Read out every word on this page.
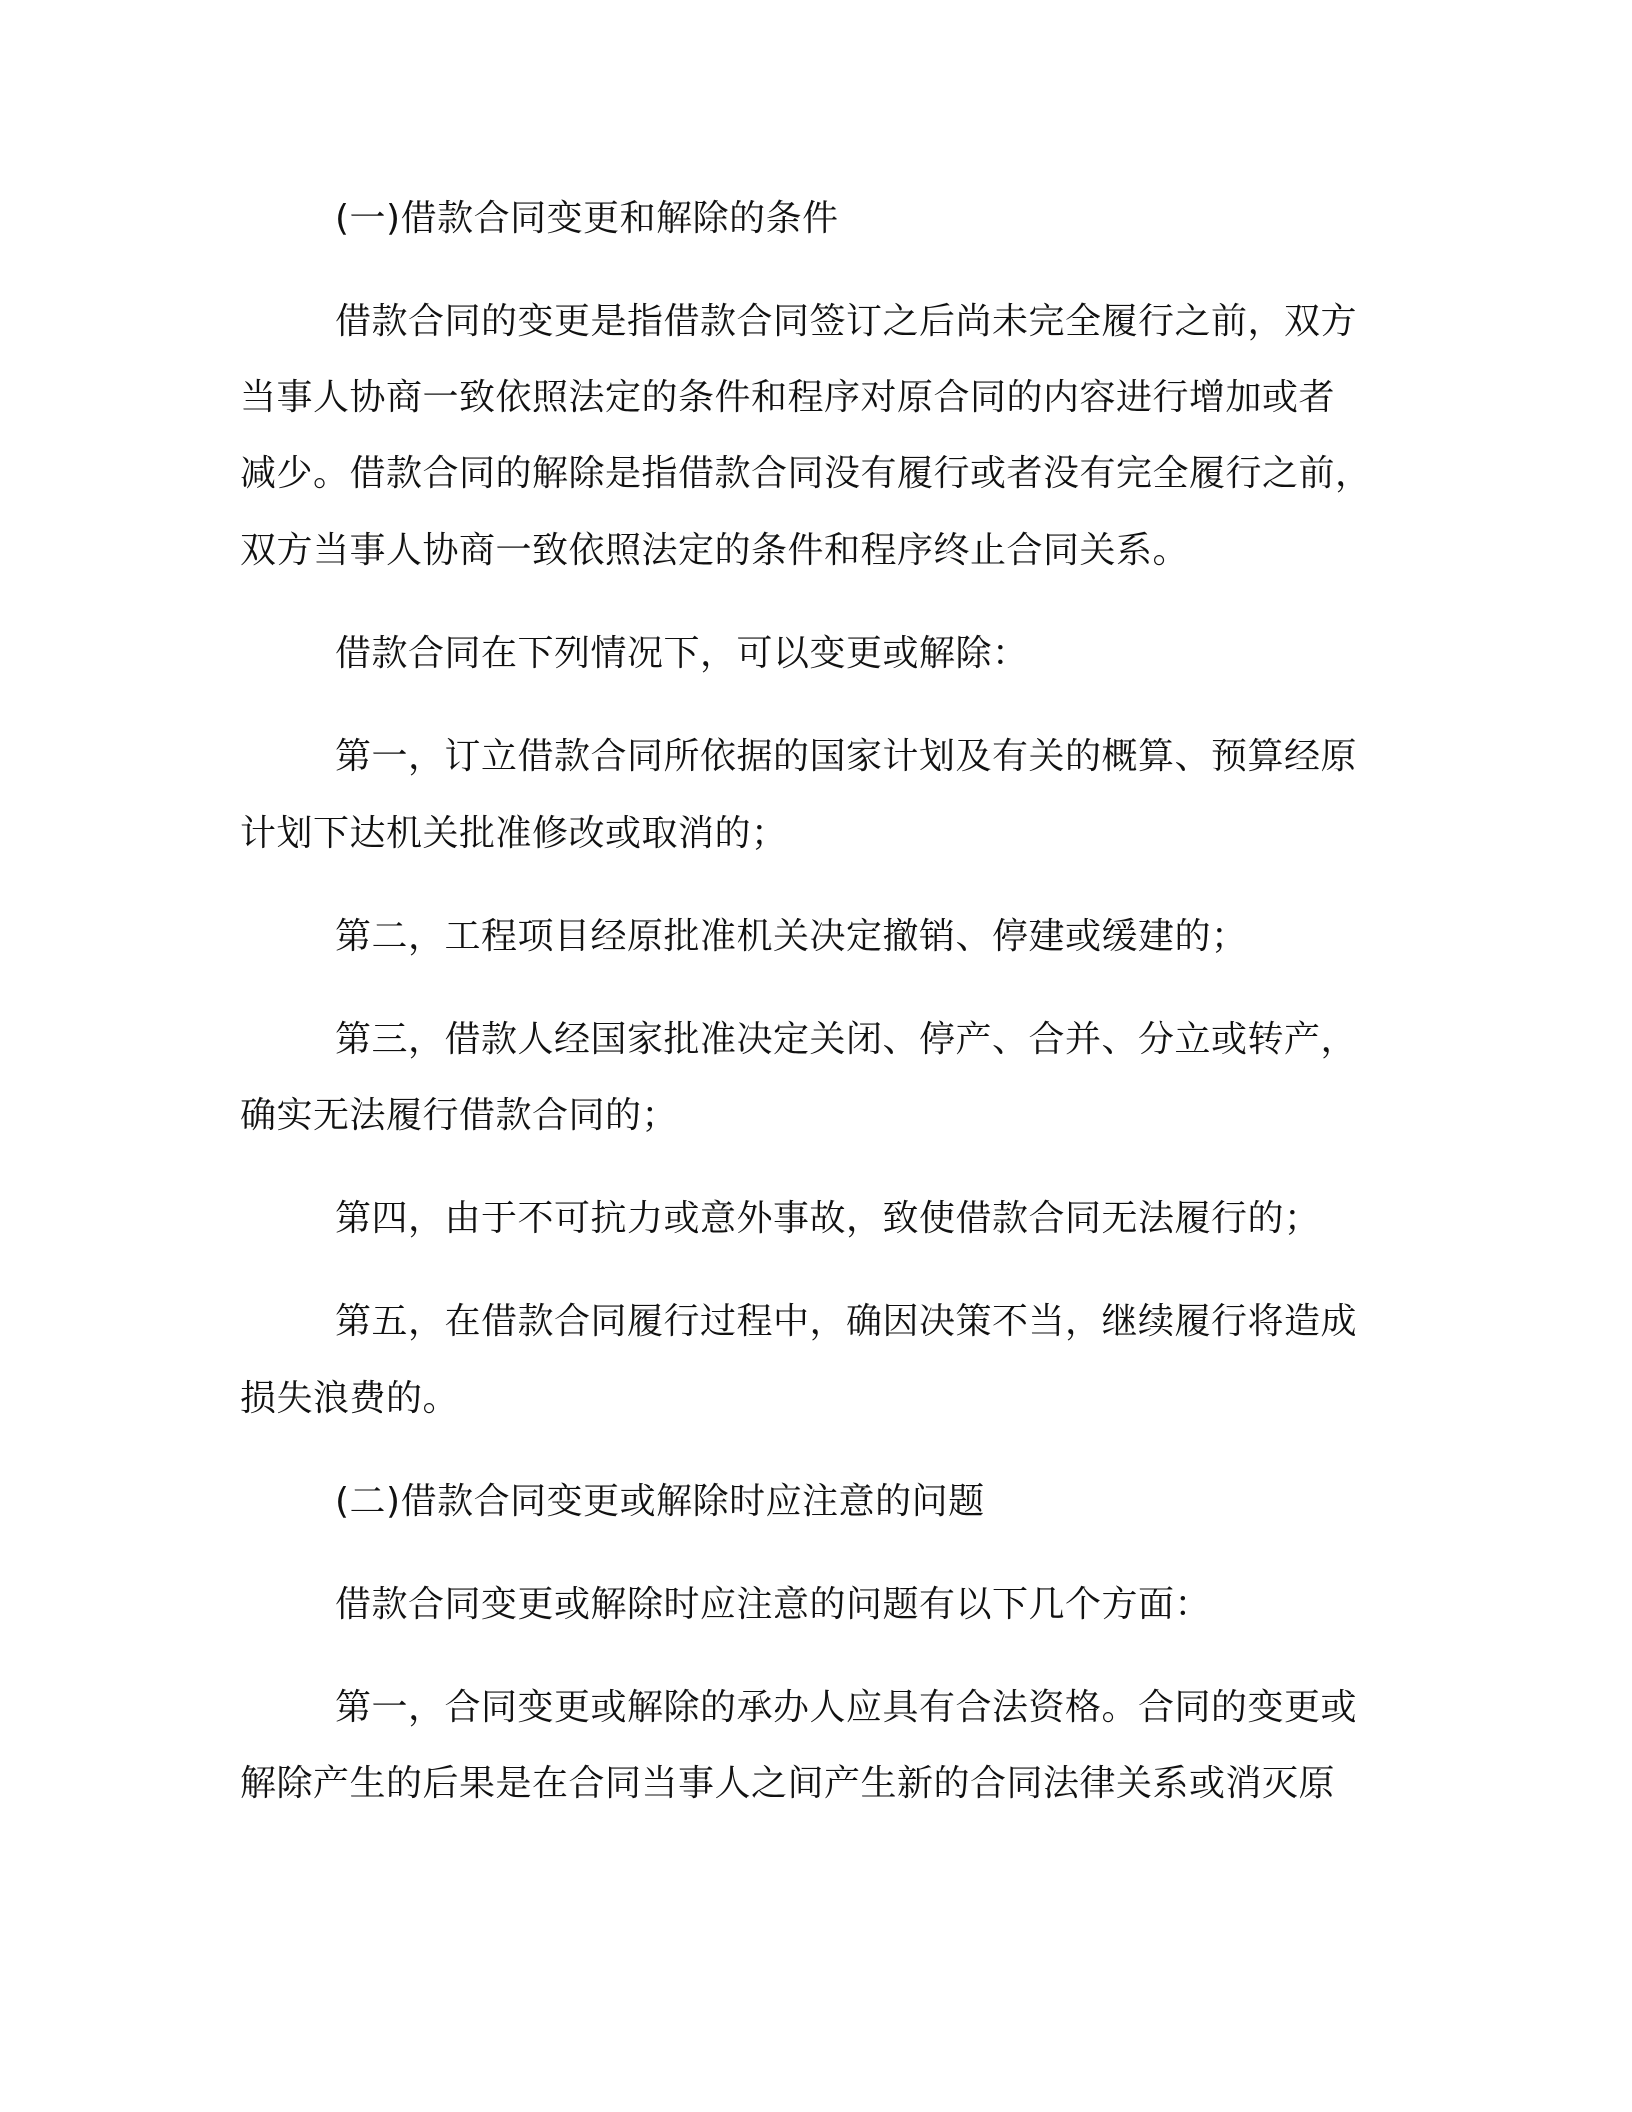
(一)借款合同变更和解除的条件
借款合同的变更是指借款合同签订之后尚未完全履行之前，双方
当事人协商一致依照法定的条件和程序对原合同的内容进行增加或者
减少。借款合同的解除是指借款合同没有履行或者没有完全履行之前，
双方当事人协商一致依照法定的条件和程序终止合同关系。
借款合同在下列情况下，可以变更或解除：
第一，订立借款合同所依据的国家计划及有关的概算、预算经原
计划下达机关批准修改或取消的；
第二，工程项目经原批准机关决定撤销、停建或缓建的；
第三，借款人经国家批准决定关闭、停产、合并、分立或转产，
确实无法履行借款合同的；
第四，由于不可抗力或意外事故，致使借款合同无法履行的；
第五，在借款合同履行过程中，确因决策不当，继续履行将造成
损失浪费的。
(二)借款合同变更或解除时应注意的问题
借款合同变更或解除时应注意的问题有以下几个方面：
第一，合同变更或解除的承办人应具有合法资格。合同的变更或
解除产生的后果是在合同当事人之间产生新的合同法律关系或消灭原
